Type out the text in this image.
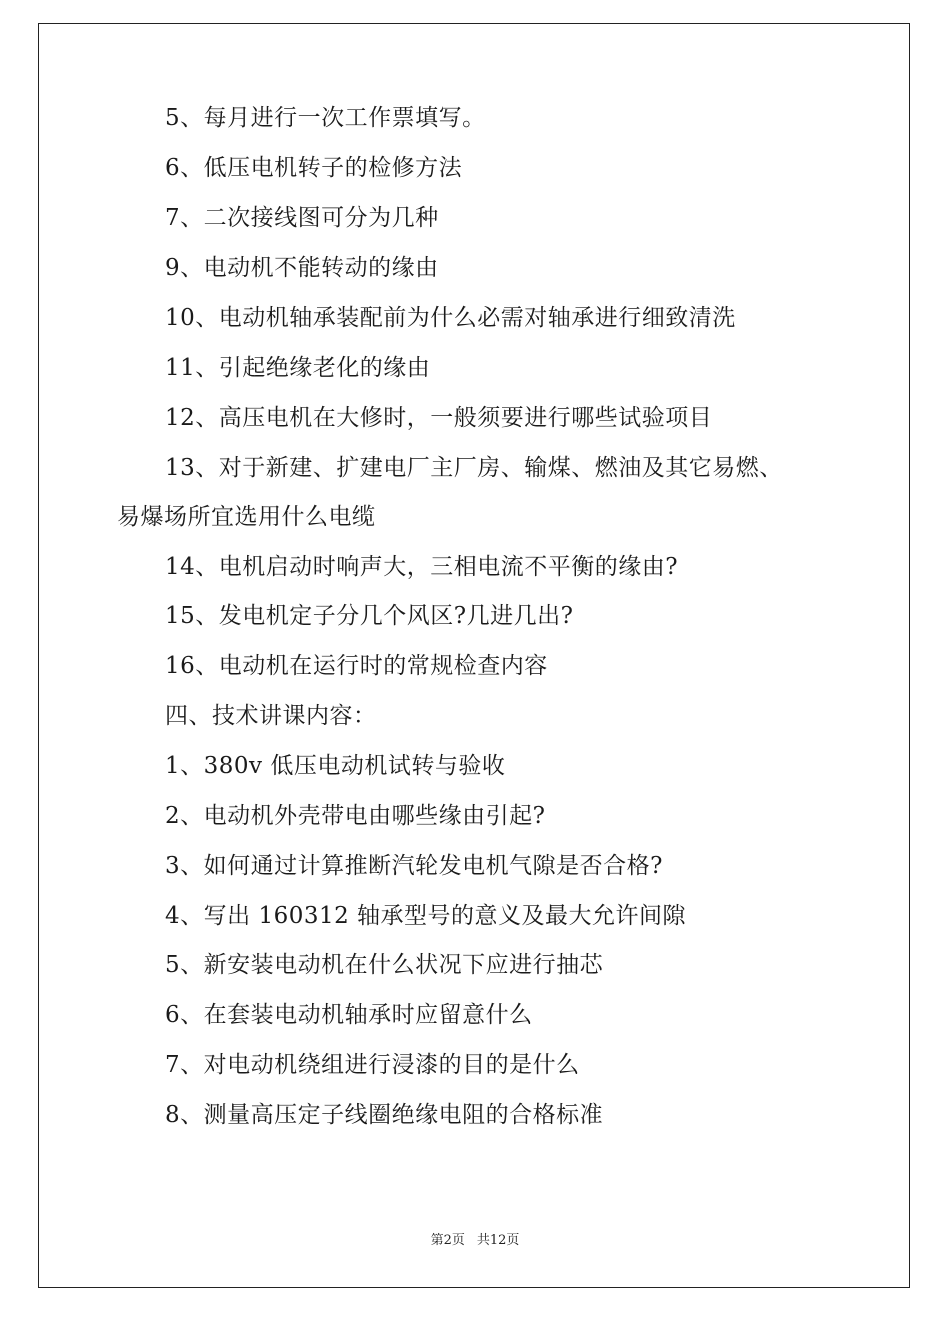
5、每月进行一次工作票填写。
6、低压电机转子的检修方法
7、二次接线图可分为几种
9、电动机不能转动的缘由
10、电动机轴承装配前为什么必需对轴承进行细致清洗
11、引起绝缘老化的缘由
12、高压电机在大修时，一般须要进行哪些试验项目
13、对于新建、扩建电厂主厂房、输煤、燃油及其它易燃、
易爆场所宜选用什么电缆
14、电机启动时响声大，三相电流不平衡的缘由?
15、发电机定子分几个风区?几进几出?
16、电动机在运行时的常规检查内容
四、技术讲课内容：
1、380v 低压电动机试转与验收
2、电动机外壳带电由哪些缘由引起?
3、如何通过计算推断汽轮发电机气隙是否合格?
4、写出 160312 轴承型号的意义及最大允许间隙
5、新安装电动机在什么状况下应进行抽芯
6、在套装电动机轴承时应留意什么
7、对电动机绕组进行浸漆的目的是什么
8、测量高压定子线圈绝缘电阻的合格标准
第2页 共12页
